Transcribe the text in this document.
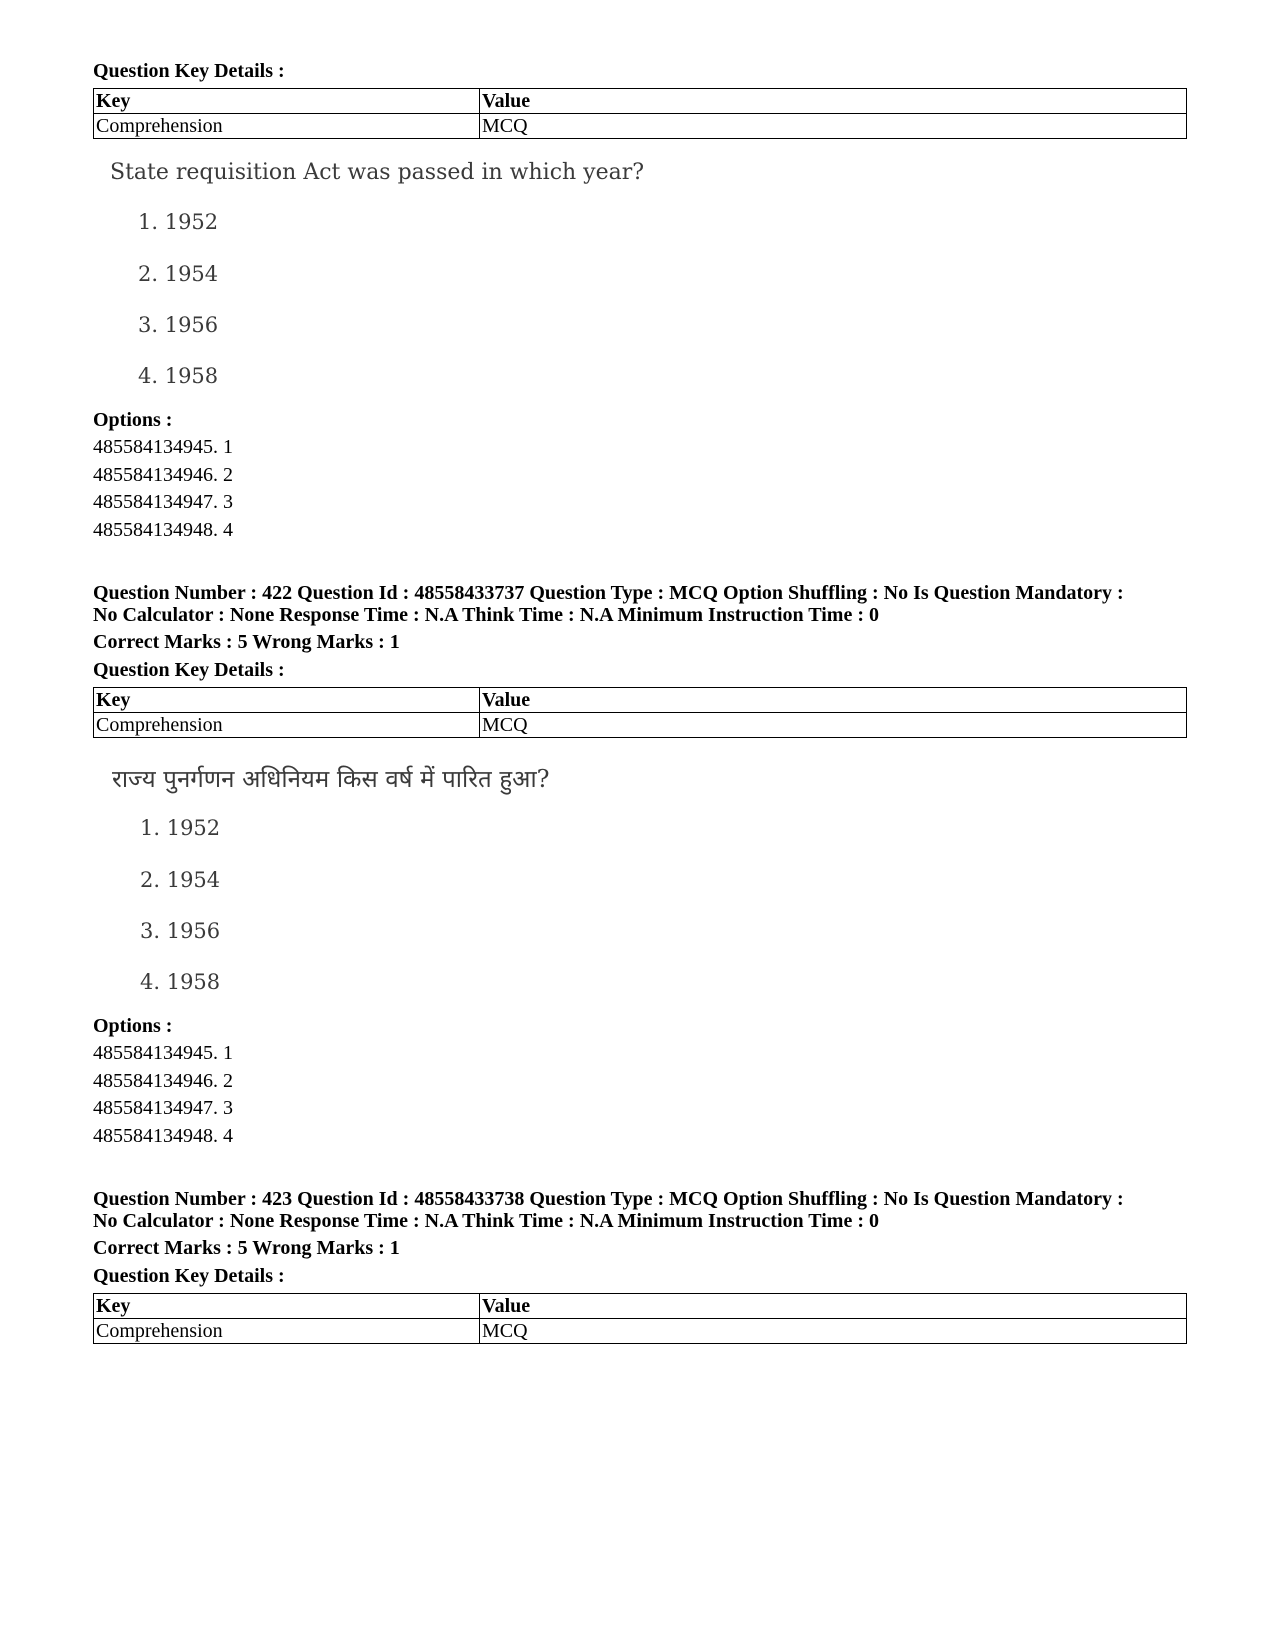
Question Key Details :
Key	Value
Comprehension	MCQ
State requisition Act was passed in which year?
1. 1952
2. 1954
3. 1956
4. 1958
Options :
485584134945. 1
485584134946. 2
485584134947. 3
485584134948. 4
Question Number : 422 Question Id : 48558433737 Question Type : MCQ Option Shuffling : No Is Question Mandatory :
No Calculator : None Response Time : N.A Think Time : N.A Minimum Instruction Time : 0
Correct Marks : 5 Wrong Marks : 1
Question Key Details :
Key	Value
Comprehension	MCQ
राज्य पुनर्गणन अधिनियम किस वर्ष में पारित हुआ?
1. 1952
2. 1954
3. 1956
4. 1958
Options :
485584134945. 1
485584134946. 2
485584134947. 3
485584134948. 4
Question Number : 423 Question Id : 48558433738 Question Type : MCQ Option Shuffling : No Is Question Mandatory :
No Calculator : None Response Time : N.A Think Time : N.A Minimum Instruction Time : 0
Correct Marks : 5 Wrong Marks : 1
Question Key Details :
Key	Value
Comprehension	MCQ
